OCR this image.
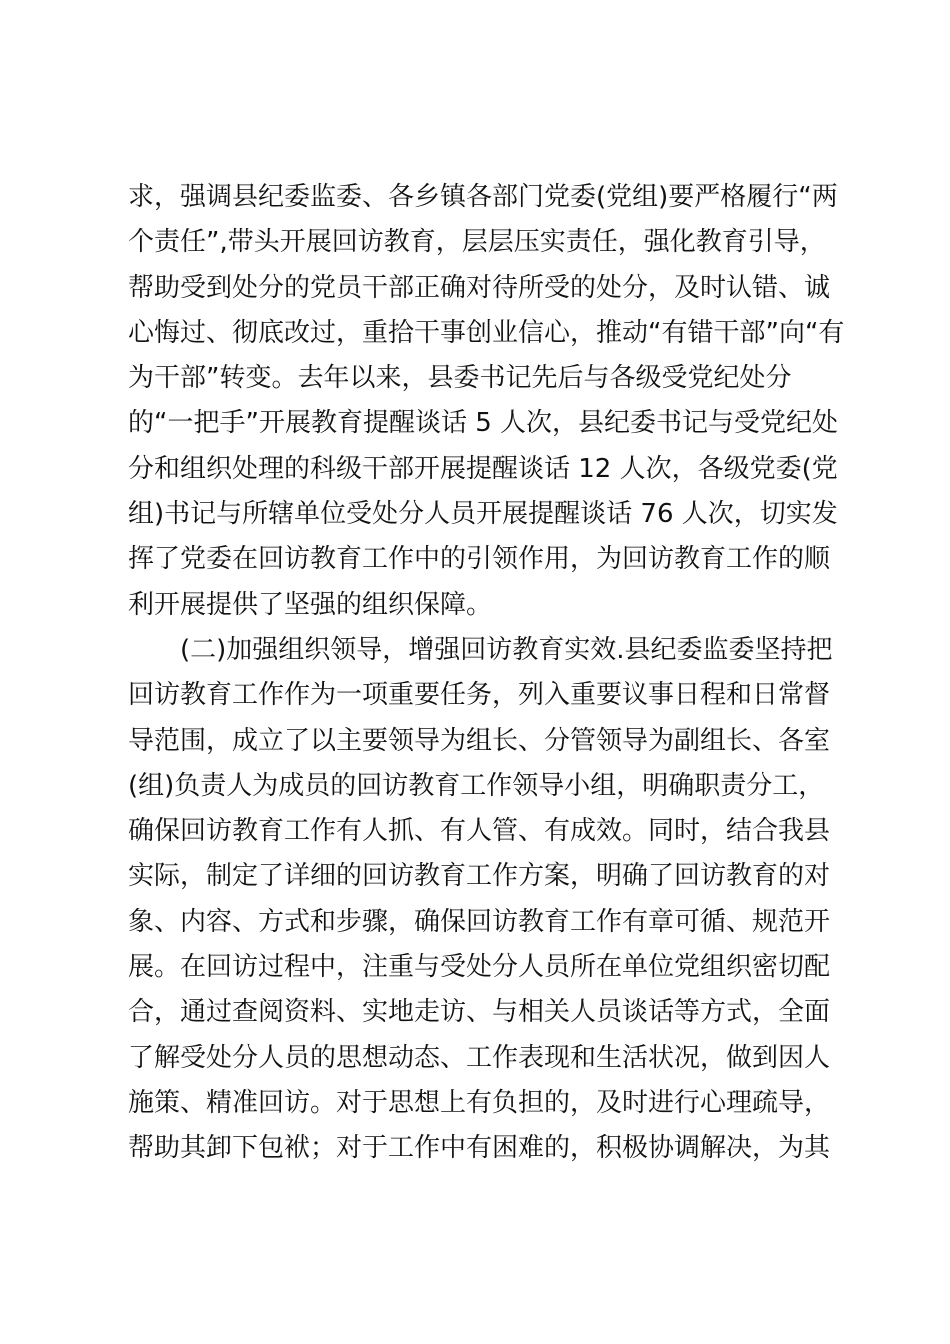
求，强调县纪委监委、各乡镇各部门党委(党组)要严格履行“两
个责任”,带头开展回访教育，层层压实责任，强化教育引导，
帮助受到处分的党员干部正确对待所受的处分，及时认错、诚
心悔过、彻底改过，重拾干事创业信心，推动“有错干部”向“有
为干部”转变。去年以来，县委书记先后与各级受党纪处分
的“一把手”开展教育提醒谈话 5 人次，县纪委书记与受党纪处
分和组织处理的科级干部开展提醒谈话 12 人次，各级党委(党
组)书记与所辖单位受处分人员开展提醒谈话 76 人次，切实发
挥了党委在回访教育工作中的引领作用，为回访教育工作的顺
利开展提供了坚强的组织保障。
(二)加强组织领导，增强回访教育实效.县纪委监委坚持把
回访教育工作作为一项重要任务，列入重要议事日程和日常督
导范围，成立了以主要领导为组长、分管领导为副组长、各室
(组)负责人为成员的回访教育工作领导小组，明确职责分工，
确保回访教育工作有人抓、有人管、有成效。同时，结合我县
实际，制定了详细的回访教育工作方案，明确了回访教育的对
象、内容、方式和步骤，确保回访教育工作有章可循、规范开
展。在回访过程中，注重与受处分人员所在单位党组织密切配
合，通过查阅资料、实地走访、与相关人员谈话等方式，全面
了解受处分人员的思想动态、工作表现和生活状况，做到因人
施策、精准回访。对于思想上有负担的，及时进行心理疏导，
帮助其卸下包袱；对于工作中有困难的，积极协调解决，为其
